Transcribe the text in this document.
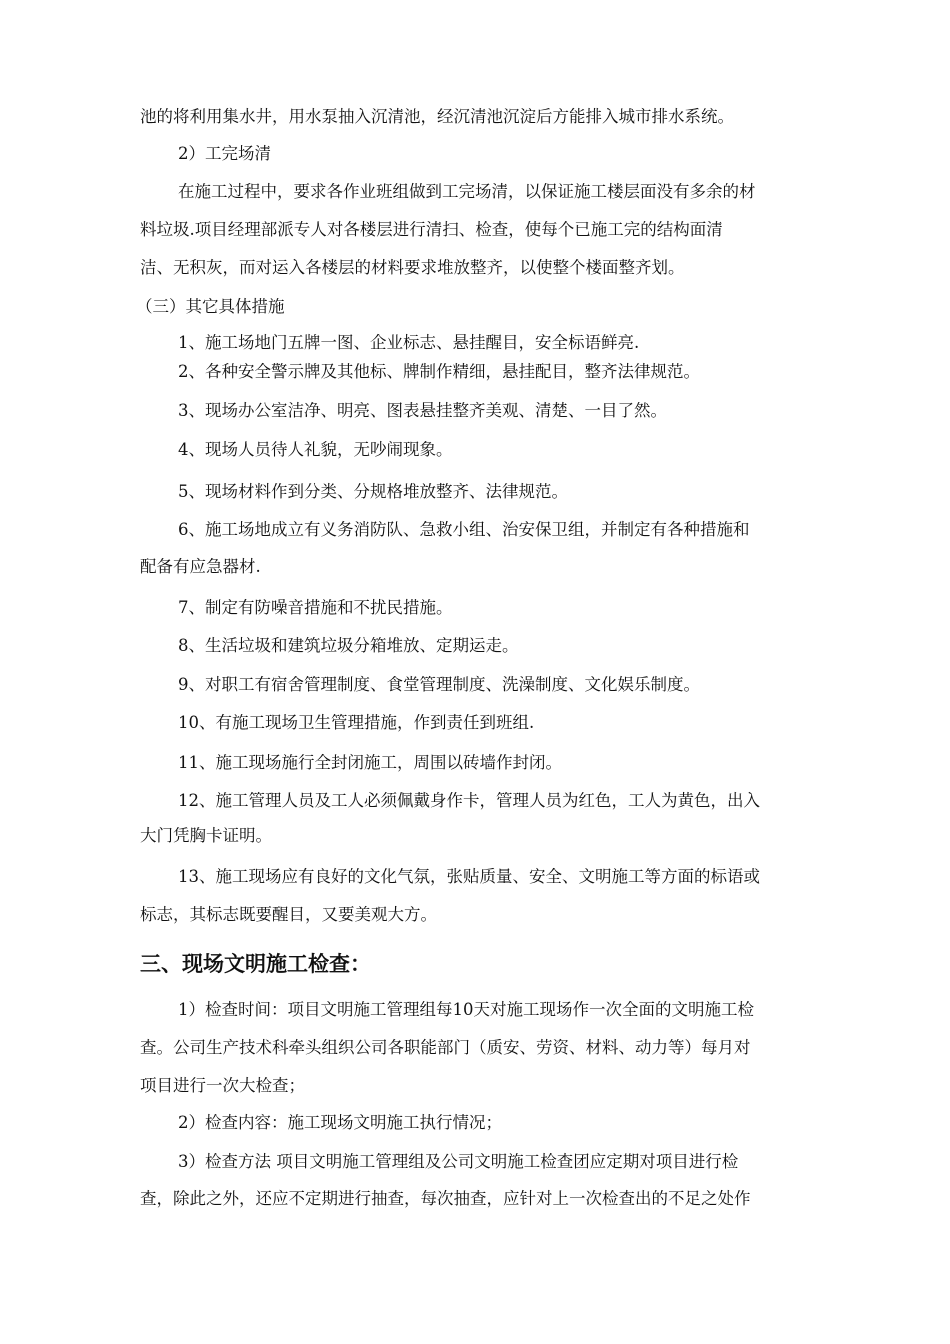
池的将利用集水井，用水泵抽入沉清池，经沉清池沉淀后方能排入城市排水系统。

2）工完场清

在施工过程中，要求各作业班组做到工完场清，以保证施工楼层面没有多余的材

料垃圾.项目经理部派专人对各楼层进行清扫、检查，使每个已施工完的结构面清

洁、无积灰，而对运入各楼层的材料要求堆放整齐，以使整个楼面整齐划。

（三）其它具体措施

1、施工场地门五牌一图、企业标志、悬挂醒目，安全标语鲜亮.

2、各种安全警示牌及其他标、牌制作精细，悬挂配目，整齐法律规范。

3、现场办公室洁净、明亮、图表悬挂整齐美观、清楚、一目了然。

4、现场人员待人礼貌，无吵闹现象。

5、现场材料作到分类、分规格堆放整齐、法律规范。

6、施工场地成立有义务消防队、急救小组、治安保卫组，并制定有各种措施和

配备有应急器材.

7、制定有防噪音措施和不扰民措施。

8、生活垃圾和建筑垃圾分箱堆放、定期运走。

9、对职工有宿舍管理制度、食堂管理制度、洗澡制度、文化娱乐制度。

10、有施工现场卫生管理措施，作到责任到班组.

11、施工现场施行全封闭施工，周围以砖墙作封闭。

12、施工管理人员及工人必须佩戴身作卡，管理人员为红色，工人为黄色，出入

大门凭胸卡证明。

13、施工现场应有良好的文化气氛，张贴质量、安全、文明施工等方面的标语或

标志，其标志既要醒目，又要美观大方。

三、现场文明施工检查：

1）检查时间：项目文明施工管理组每10天对施工现场作一次全面的文明施工检

查。公司生产技术科牵头组织公司各职能部门（质安、劳资、材料、动力等）每月对

项目进行一次大检查；

2）检查内容：施工现场文明施工执行情况；

3）检查方法 项目文明施工管理组及公司文明施工检查团应定期对项目进行检

查，除此之外，还应不定期进行抽查，每次抽查，应针对上一次检查出的不足之处作
